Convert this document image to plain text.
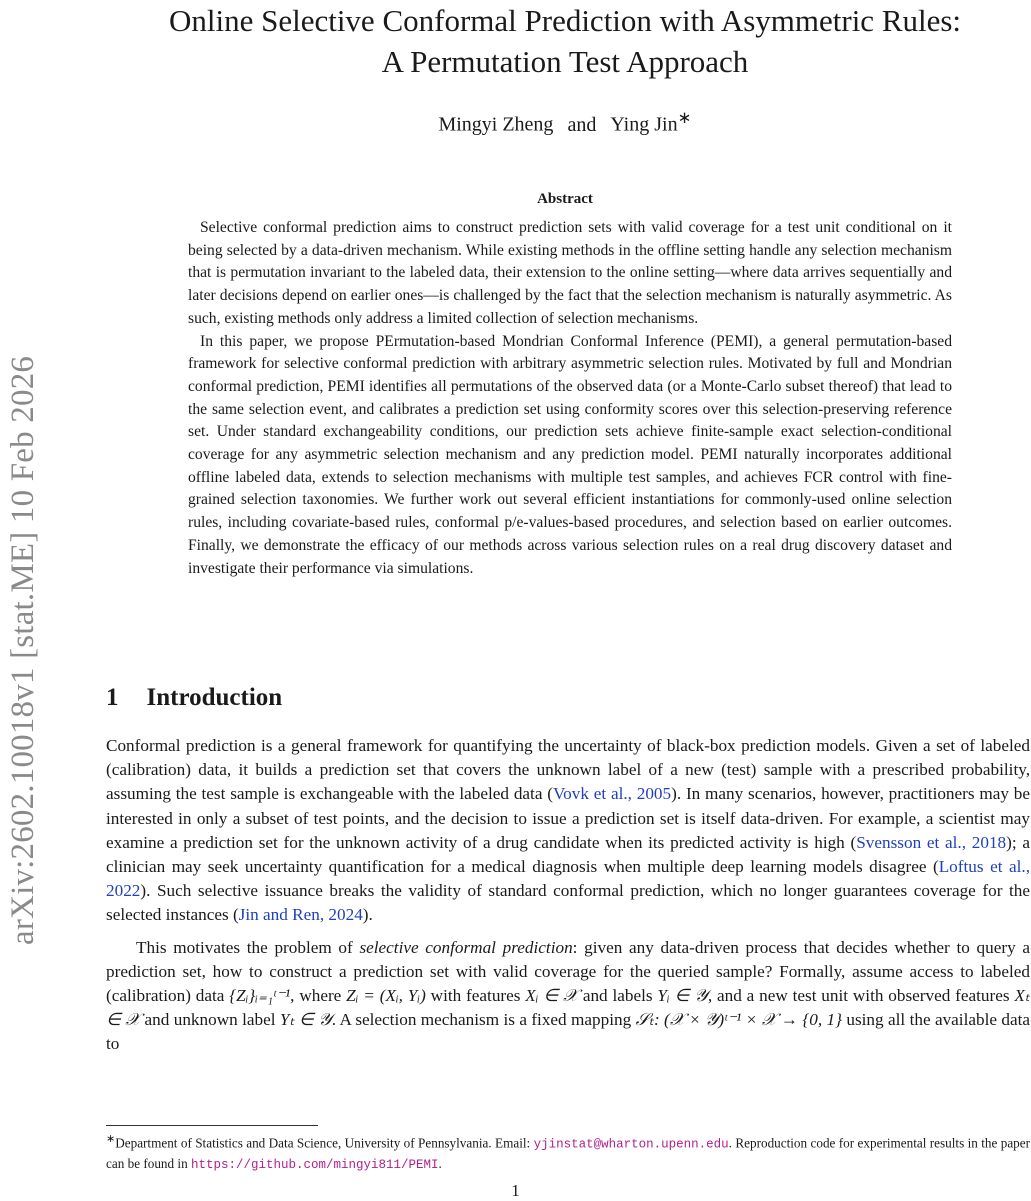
arXiv:2602.10018v1 [stat.ME] 10 Feb 2026
Online Selective Conformal Prediction with Asymmetric Rules:
A Permutation Test Approach
Mingyi Zheng and Ying Jin∗
Abstract

Selective conformal prediction aims to construct prediction sets with valid coverage for a test unit conditional on it being selected by a data-driven mechanism. While existing methods in the offline setting handle any selection mechanism that is permutation invariant to the labeled data, their extension to the online setting—where data arrives sequentially and later decisions depend on earlier ones—is challenged by the fact that the selection mechanism is naturally asymmetric. As such, existing methods only address a limited collection of selection mechanisms.

In this paper, we propose PErmutation-based Mondrian Conformal Inference (PEMI), a general permutation-based framework for selective conformal prediction with arbitrary asymmetric selection rules. Motivated by full and Mondrian conformal prediction, PEMI identifies all permutations of the observed data (or a Monte-Carlo subset thereof) that lead to the same selection event, and calibrates a prediction set using conformity scores over this selection-preserving reference set. Under standard exchangeability conditions, our prediction sets achieve finite-sample exact selection-conditional coverage for any asymmetric selection mechanism and any prediction model. PEMI naturally incorporates additional offline labeled data, extends to selection mechanisms with multiple test samples, and achieves FCR control with fine-grained selection taxonomies. We further work out several efficient instantiations for commonly-used online selection rules, including covariate-based rules, conformal p/e-values-based procedures, and selection based on earlier outcomes. Finally, we demonstrate the efficacy of our methods across various selection rules on a real drug discovery dataset and investigate their performance via simulations.

1 Introduction

Conformal prediction is a general framework for quantifying the uncertainty of black-box prediction models. Given a set of labeled (calibration) data, it builds a prediction set that covers the unknown label of a new (test) sample with a prescribed probability, assuming the test sample is exchangeable with the labeled data (Vovk et al., 2005). In many scenarios, however, practitioners may be interested in only a subset of test points, and the decision to issue a prediction set is itself data-driven. For example, a scientist may examine a prediction set for the unknown activity of a drug candidate when its predicted activity is high (Svensson et al., 2018); a clinician may seek uncertainty quantification for a medical diagnosis when multiple deep learning models disagree (Loftus et al., 2022). Such selective issuance breaks the validity of standard conformal prediction, which no longer guarantees coverage for the selected instances (Jin and Ren, 2024).

This motivates the problem of selective conformal prediction: given any data-driven process that decides whether to query a prediction set, how to construct a prediction set with valid coverage for the queried sample? Formally, assume access to labeled (calibration) data {Zᵢ}ᵢ₌₁ᵗ⁻¹, where Zᵢ = (Xᵢ, Yᵢ) with features Xᵢ ∈ 𝒳 and labels Yᵢ ∈ 𝒴, and a new test unit with observed features Xₜ ∈ 𝒳 and unknown label Yₜ ∈ 𝒴. A selection mechanism is a fixed mapping 𝒮ₜ: (𝒳 × 𝒴)ᵗ⁻¹ × 𝒳 → {0, 1} using all the available data to

∗Department of Statistics and Data Science, University of Pennsylvania. Email: yjinstat@wharton.upenn.edu. Reproduction code for experimental results in the paper can be found in https://github.com/mingyi811/PEMI.
1
